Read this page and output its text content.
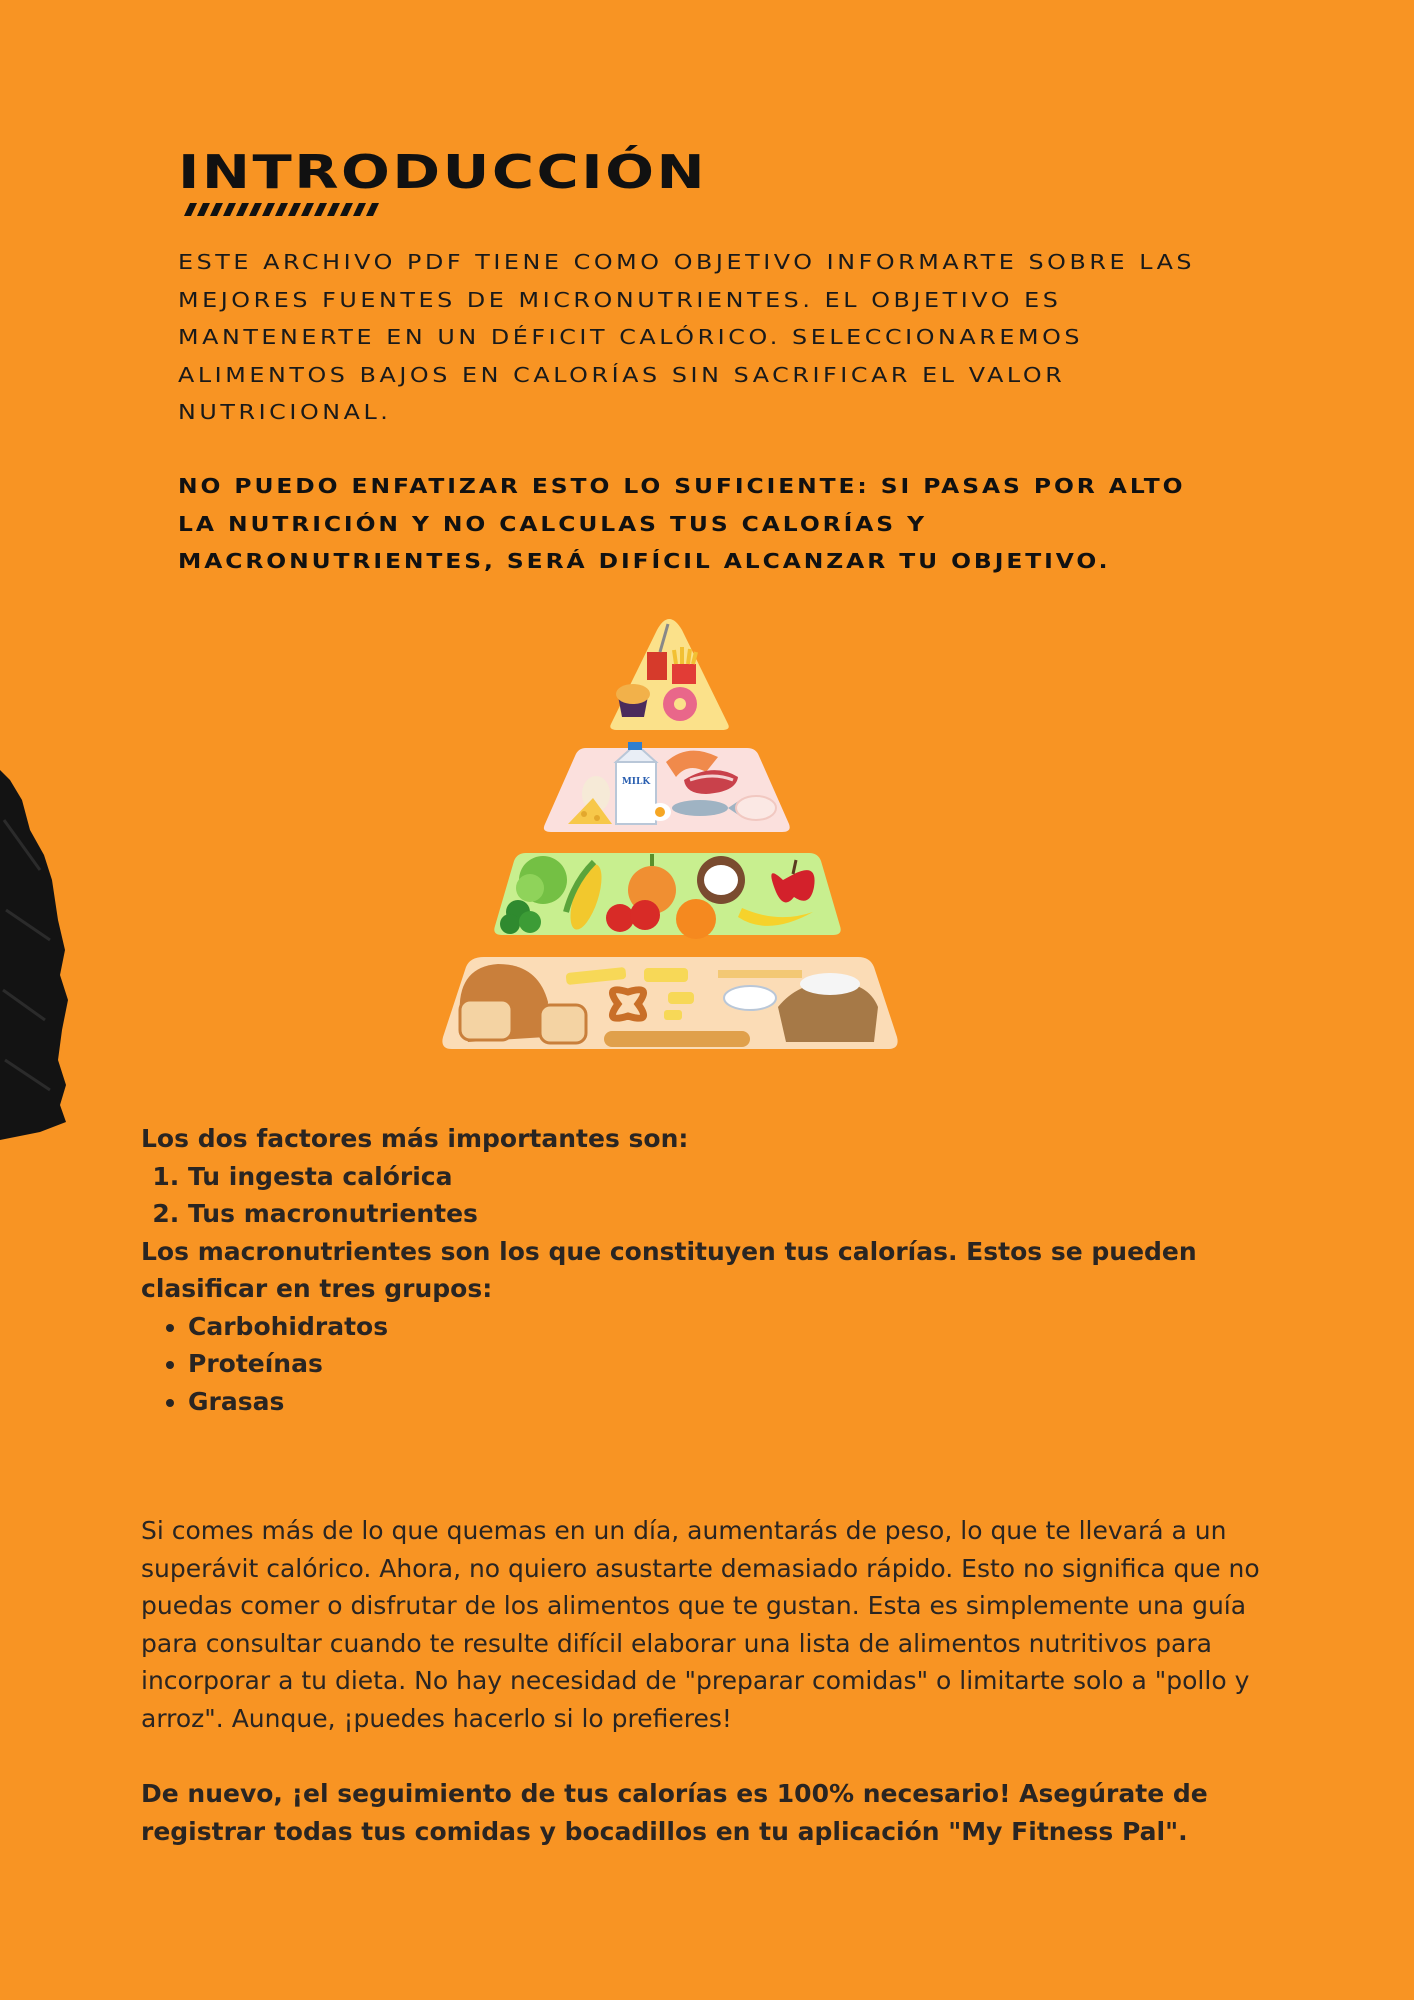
INTRODUCCIÓN

ESTE ARCHIVO PDF TIENE COMO OBJETIVO INFORMARTE SOBRE LAS MEJORES FUENTES DE MICRONUTRIENTES. EL OBJETIVO ES MANTENERTE EN UN DÉFICIT CALÓRICO. SELECCIONAREMOS ALIMENTOS BAJOS EN CALORÍAS SIN SACRIFICAR EL VALOR NUTRICIONAL.

NO PUEDO ENFATIZAR ESTO LO SUFICIENTE: SI PASAS POR ALTO LA NUTRICIÓN Y NO CALCULAS TUS CALORÍAS Y MACRONUTRIENTES, SERÁ DIFÍCIL ALCANZAR TU OBJETIVO.

MILK

Los dos factores más importantes son:

1. Tu ingesta calórica
2. Tus macronutrientes

Los macronutrientes son los que constituyen tus calorías. Estos se pueden clasificar en tres grupos:

• Carbohidratos
• Proteínas
• Grasas

Si comes más de lo que quemas en un día, aumentarás de peso, lo que te llevará a un superávit calórico. Ahora, no quiero asustarte demasiado rápido. Esto no significa que no puedas comer o disfrutar de los alimentos que te gustan. Esta es simplemente una guía para consultar cuando te resulte difícil elaborar una lista de alimentos nutritivos para incorporar a tu dieta. No hay necesidad de "preparar comidas" o limitarte solo a "pollo y arroz". Aunque, ¡puedes hacerlo si lo prefieres!

De nuevo, ¡el seguimiento de tus calorías es 100% necesario! Asegúrate de registrar todas tus comidas y bocadillos en tu aplicación "My Fitness Pal".
